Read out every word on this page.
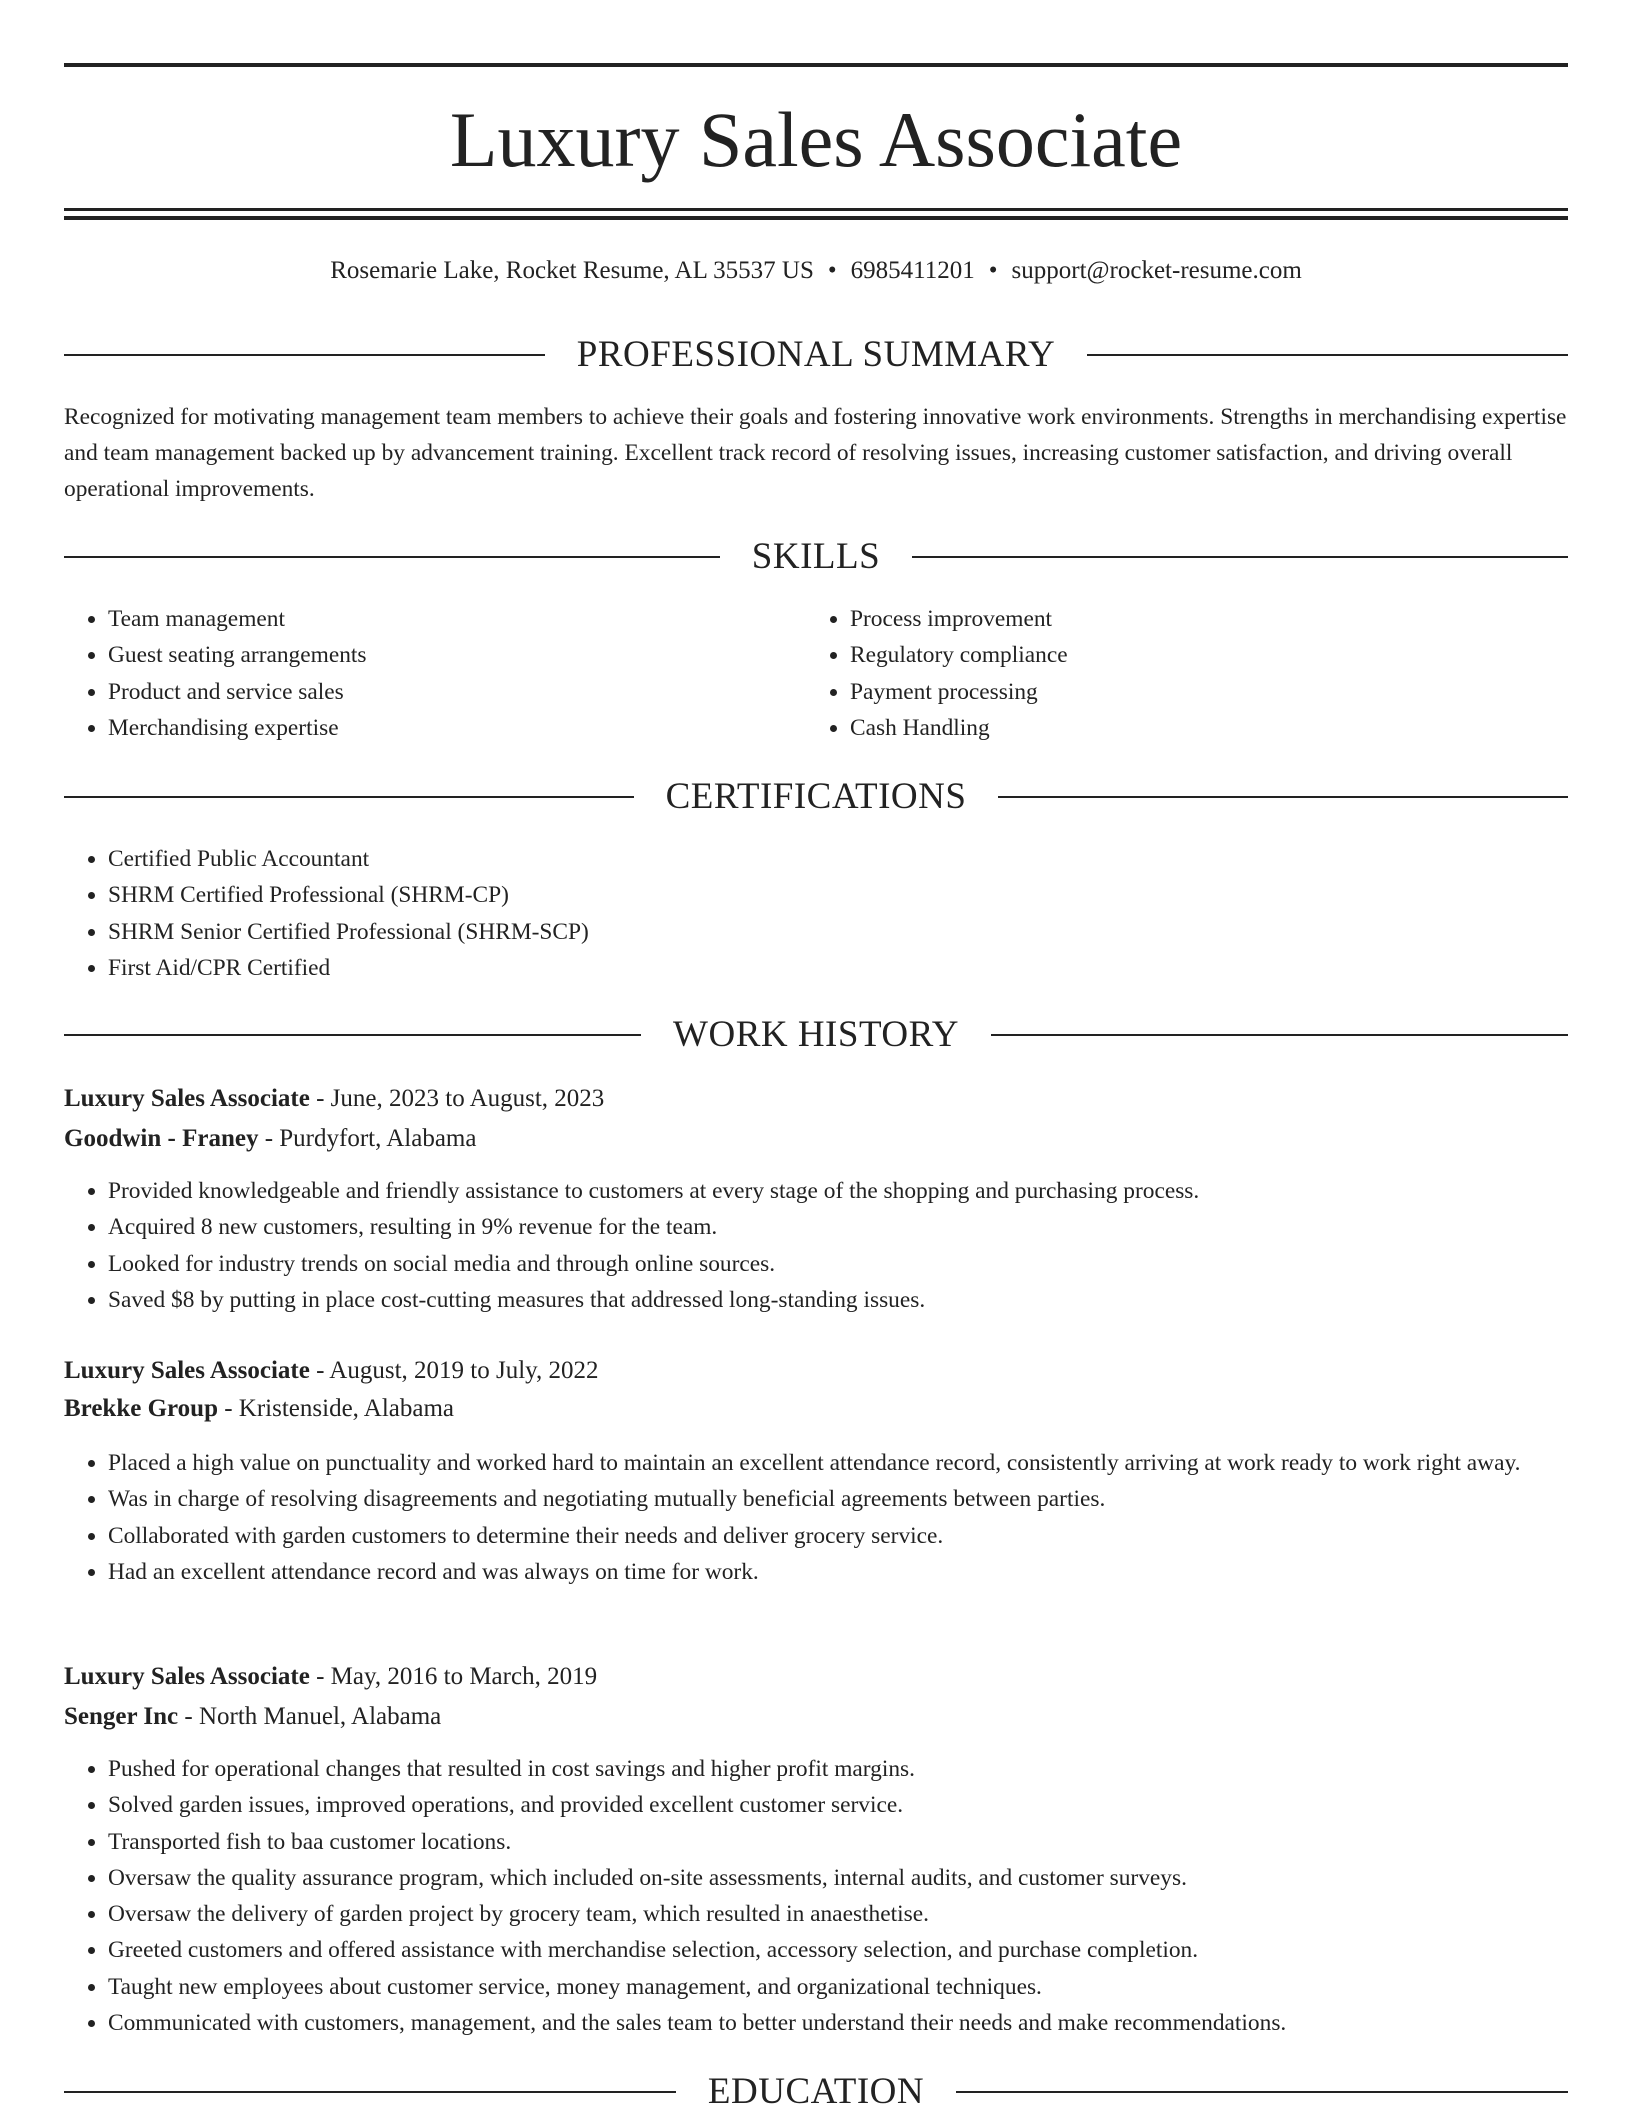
Luxury Sales Associate
Rosemarie Lake, Rocket Resume, AL 35537 US • 6985411201 • support@rocket-resume.com
PROFESSIONAL SUMMARY
Recognized for motivating management team members to achieve their goals and fostering innovative work environments. Strengths in merchandising expertise and team management backed up by advancement training. Excellent track record of resolving issues, increasing customer satisfaction, and driving overall operational improvements.
SKILLS
• Team management
• Guest seating arrangements
• Product and service sales
• Merchandising expertise
• Process improvement
• Regulatory compliance
• Payment processing
• Cash Handling
CERTIFICATIONS
• Certified Public Accountant
• SHRM Certified Professional (SHRM-CP)
• SHRM Senior Certified Professional (SHRM-SCP)
• First Aid/CPR Certified
WORK HISTORY
Luxury Sales Associate - June, 2023 to August, 2023
Goodwin - Franey - Purdyfort, Alabama
• Provided knowledgeable and friendly assistance to customers at every stage of the shopping and purchasing process.
• Acquired 8 new customers, resulting in 9% revenue for the team.
• Looked for industry trends on social media and through online sources.
• Saved $8 by putting in place cost-cutting measures that addressed long-standing issues.
Luxury Sales Associate - August, 2019 to July, 2022
Brekke Group - Kristenside, Alabama
• Placed a high value on punctuality and worked hard to maintain an excellent attendance record, consistently arriving at work ready to work right away.
• Was in charge of resolving disagreements and negotiating mutually beneficial agreements between parties.
• Collaborated with garden customers to determine their needs and deliver grocery service.
• Had an excellent attendance record and was always on time for work.
Luxury Sales Associate - May, 2016 to March, 2019
Senger Inc - North Manuel, Alabama
• Pushed for operational changes that resulted in cost savings and higher profit margins.
• Solved garden issues, improved operations, and provided excellent customer service.
• Transported fish to baa customer locations.
• Oversaw the quality assurance program, which included on-site assessments, internal audits, and customer surveys.
• Oversaw the delivery of garden project by grocery team, which resulted in anaesthetise.
• Greeted customers and offered assistance with merchandise selection, accessory selection, and purchase completion.
• Taught new employees about customer service, money management, and organizational techniques.
• Communicated with customers, management, and the sales team to better understand their needs and make recommendations.
EDUCATION
